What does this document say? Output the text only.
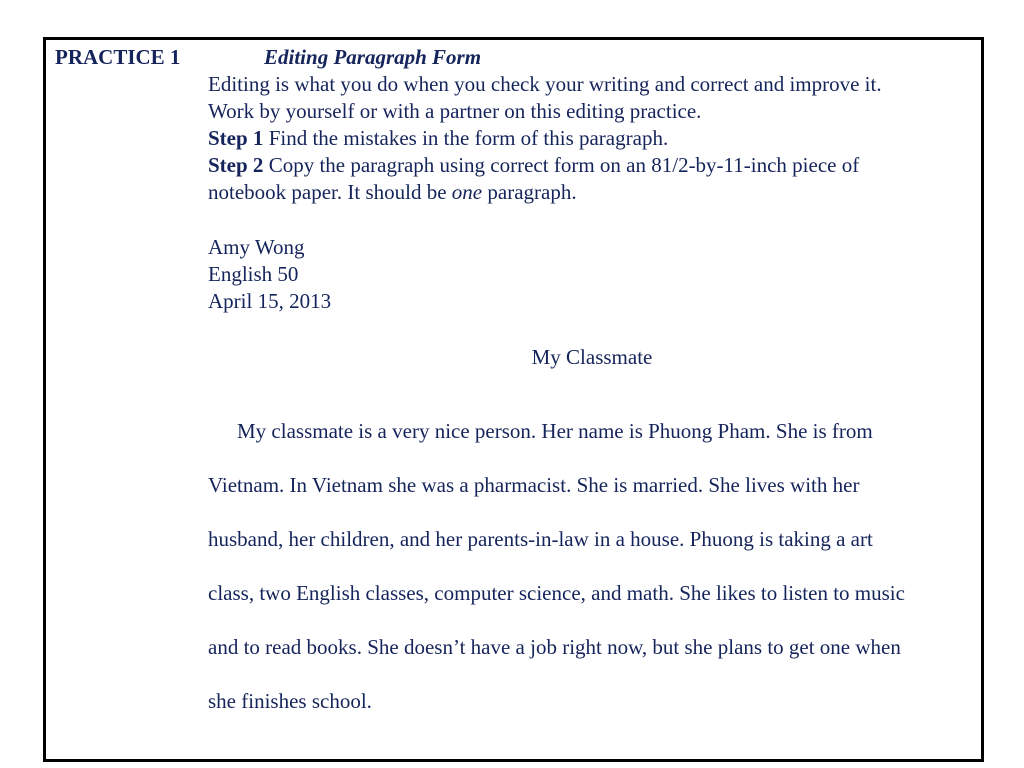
PRACTICE 1	Editing Paragraph Form
Editing is what you do when you check your writing and correct and improve it.
Work by yourself or with a partner on this editing practice.
Step 1 Find the mistakes in the form of this paragraph.
Step 2 Copy the paragraph using correct form on an 81/2-by-11-inch piece of
notebook paper. It should be one paragraph.
Amy Wong
English 50
April 15, 2013
My Classmate
My classmate is a very nice person. Her name is Phuong Pham. She is from
Vietnam. In Vietnam she was a pharmacist. She is married. She lives with her
husband, her children, and her parents-in-law in a house. Phuong is taking a art
class, two English classes, computer science, and math. She likes to listen to music
and to read books. She doesn’t have a job right now, but she plans to get one when
she finishes school.
